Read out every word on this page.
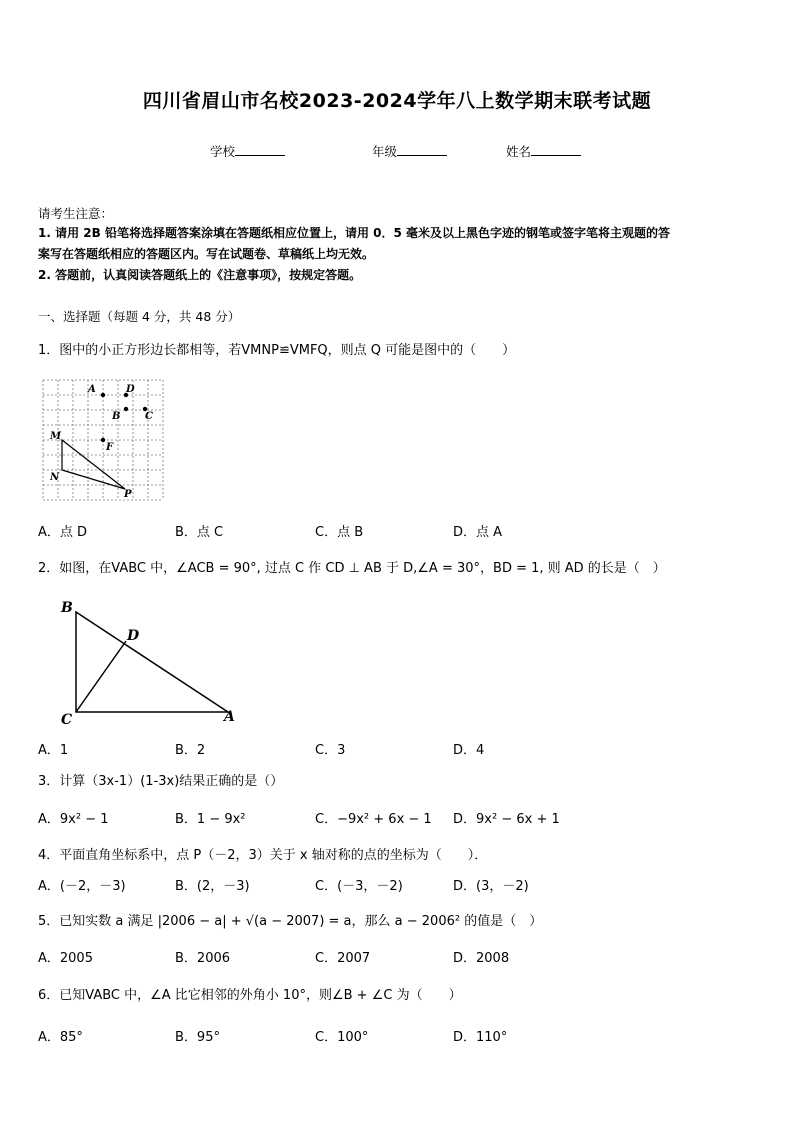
四川省眉山市名校2023-2024学年八上数学期末联考试题
学校	年级	姓名
请考生注意：
1. 请用 2B 铅笔将选择题答案涂填在答题纸相应位置上，请用 0．5 毫米及以上黑色字迹的钢笔或签字笔将主观题的答
案写在答题纸相应的答题区内。写在试题卷、草稿纸上均无效。
2. 答题前，认真阅读答题纸上的《注意事项》，按规定答题。
一、选择题（每题 4 分，共 48 分）
1．图中的小正方形边长都相等，若VMNP≌VMFQ，则点 Q 可能是图中的（　　）
A	D
B C
M
F
N
P
A．点 D	B．点 C	C．点 B	D．点 A
2．如图，在VABC 中，∠ACB = 90°, 过点 C 作 CD ⊥ AB 于 D,∠A = 30°，BD = 1, 则 AD 的长是（　）
B
D
C	A
A．1	B．2	C．3	D．4
3．计算（3x-1）(1-3x)结果正确的是（）
A．9x² − 1	B．1 − 9x²	C．−9x² + 6x − 1 D．9x² − 6x + 1
4．平面直角坐标系中，点 P（－2，3）关于 x 轴对称的点的坐标为（　　）．
A．(－2，－3)	B．(2，－3)	C．(－3，－2)	D．(3，－2)
5．已知实数 a 满足 |2006 − a| + √(a − 2007) = a，那么 a − 2006² 的值是（　）
A．2005	B．2006	C．2007	D．2008
6．已知VABC 中，∠A 比它相邻的外角小 10°，则∠B + ∠C 为（　　）
A．85°	B．95°	C．100°	D．110°
